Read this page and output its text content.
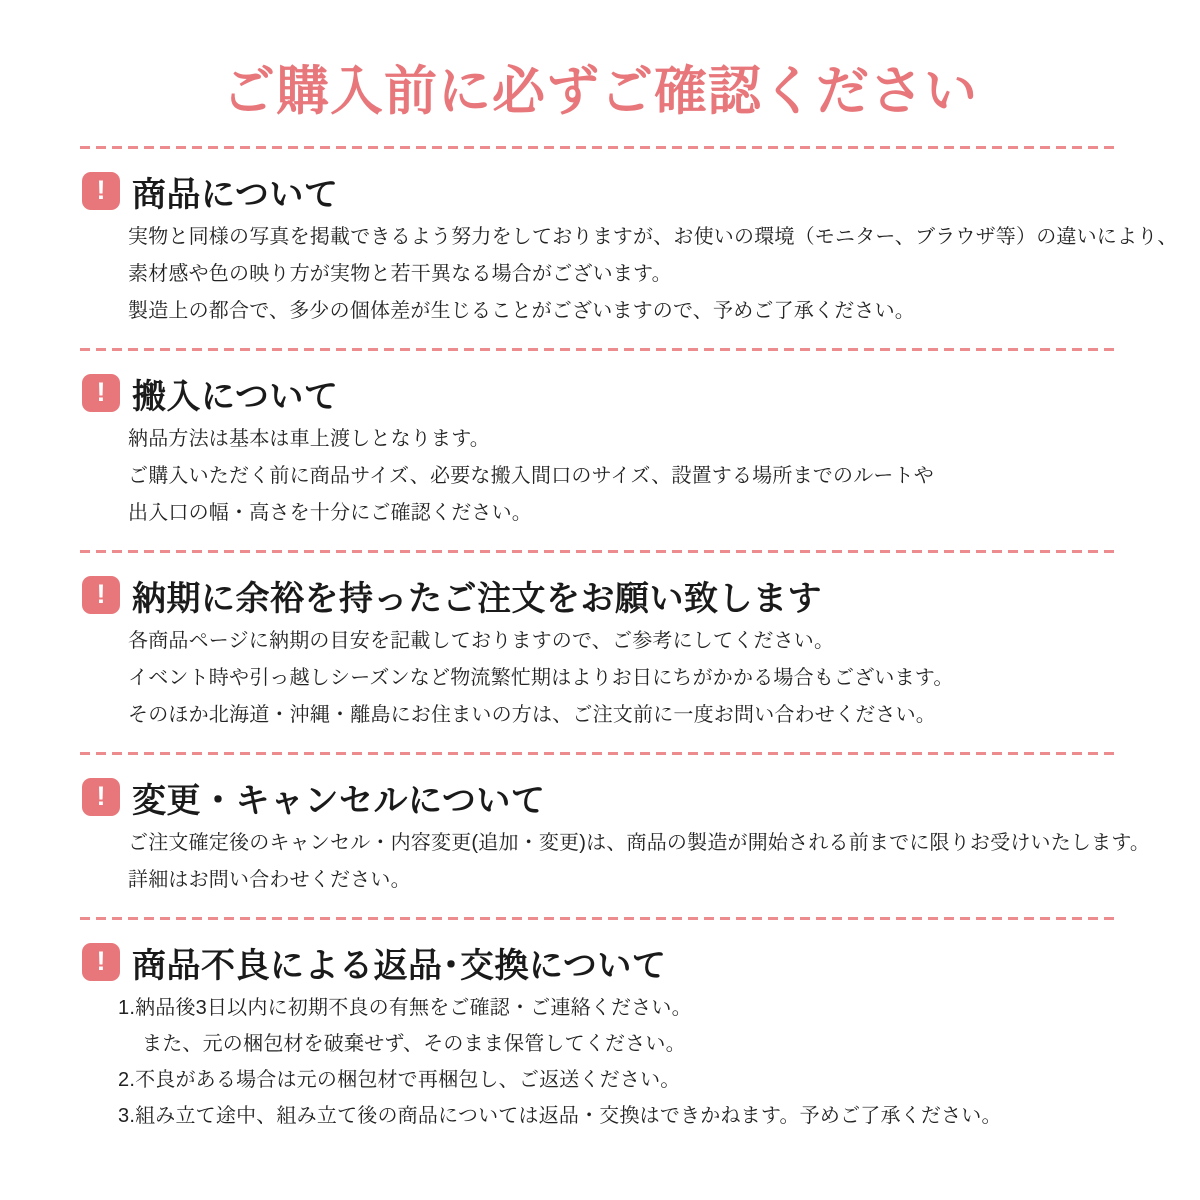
ご購入前に必ずご確認ください
! 商品について

実物と同様の写真を掲載できるよう努力をしておりますが、お使いの環境（モニター、ブラウザ等）の違いにより、

素材感や色の映り方が実物と若干異なる場合がございます。

製造上の都合で、多少の個体差が生じることがございますので、予めご了承ください。

! 搬入について

納品方法は基本は車上渡しとなります。

ご購入いただく前に商品サイズ、必要な搬入間口のサイズ、設置する場所までのルートや

出入口の幅・高さを十分にご確認ください。

! 納期に余裕を持ったご注文をお願い致します

各商品ページに納期の目安を記載しておりますので、ご参考にしてください。

イベント時や引っ越しシーズンなど物流繁忙期はよりお日にちがかかる場合もございます。

そのほか北海道・沖縄・離島にお住まいの方は、ご注文前に一度お問い合わせください。

! 変更・キャンセルについて

ご注文確定後のキャンセル・内容変更(追加・変更)は、商品の製造が開始される前までに限りお受けいたします。

詳細はお問い合わせください。

! 商品不良による返品･交換について

1.納品後3日以内に初期不良の有無をご確認・ご連絡ください。

また、元の梱包材を破棄せず、そのまま保管してください。

2.不良がある場合は元の梱包材で再梱包し、ご返送ください。

3.組み立て途中、組み立て後の商品については返品・交換はできかねます。予めご了承ください。
